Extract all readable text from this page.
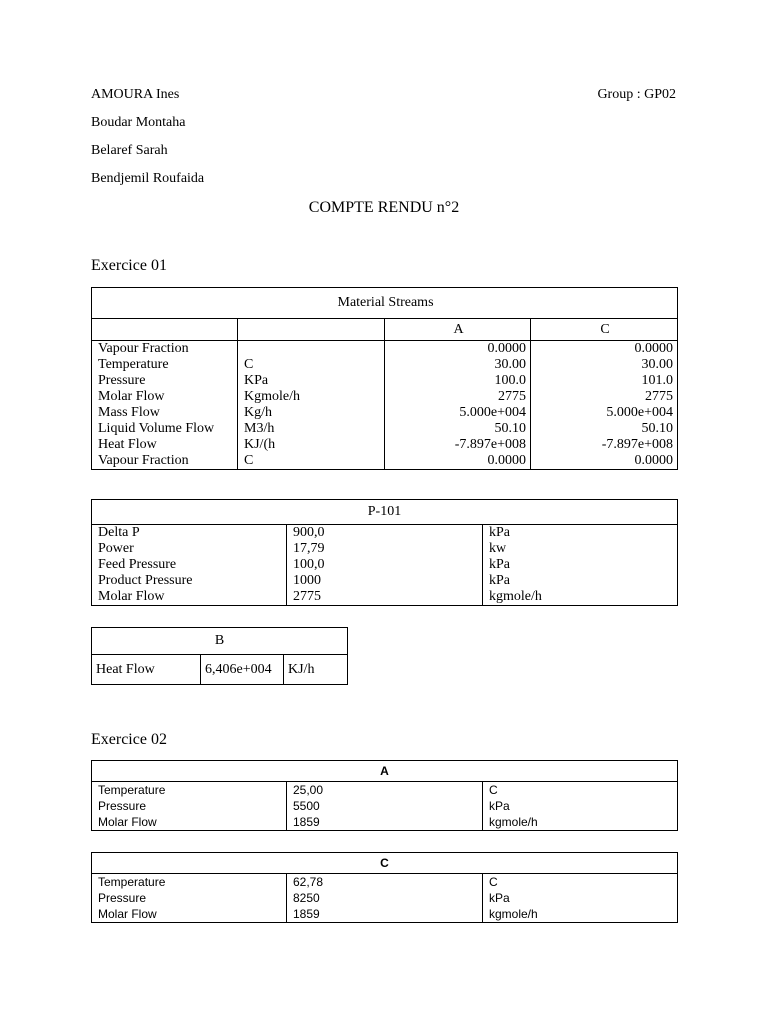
AMOURA Ines
Boudar Montaha
Belaref Sarah
Bendjemil Roufaida
Group : GP02
COMPTE RENDU n°2
Exercice 01
Material Streams			
		A	C
Vapour Fraction		0.0000	0.0000
Temperature	C	30.00	30.00
Pressure	KPa	100.0	101.0
Molar Flow	Kgmole/h	2775	2775
Mass Flow	Kg/h	5.000e+004	5.000e+004
Liquid Volume Flow	M3/h	50.10	50.10
Heat Flow	KJ/(h	-7.897e+008	-7.897e+008
Vapour Fraction	C	0.0000	0.0000
P-101		
Delta P	900,0	kPa
Power	17,79	kw
Feed Pressure	100,0	kPa
Product Pressure	1000	kPa
Molar Flow	2775	kgmole/h
B
Heat Flow	6,406e+004	KJ/h
Exercice 02
A		
Temperature	25,00	C
Pressure	5500	kPa
Molar Flow	1859	kgmole/h
C		
Temperature	62,78	C
Pressure	8250	kPa
Molar Flow	1859	kgmole/h
